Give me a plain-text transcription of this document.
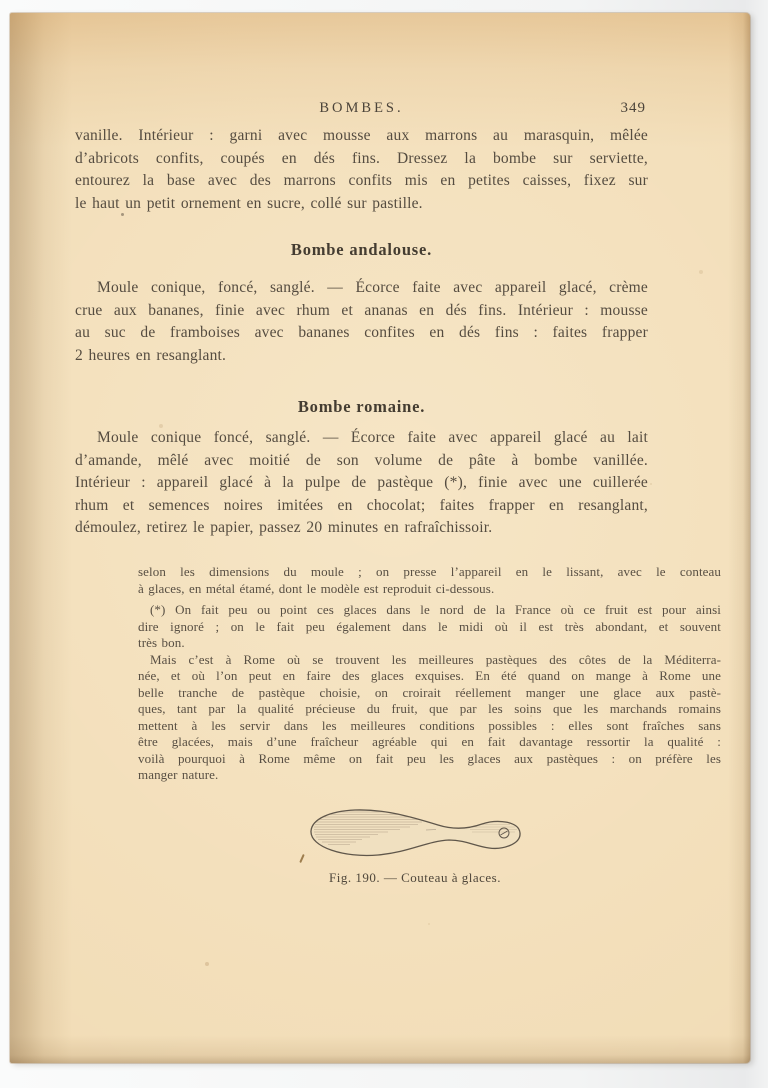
BOMBES.	349
vanille. Intérieur : garni avec mousse aux marrons au marasquin, mêlée
d’abricots confits, coupés en dés fins. Dressez la bombe sur serviette,
entourez la base avec des marrons confits mis en petites caisses, fixez sur
le haut un petit ornement en sucre, collé sur pastille.
Bombe andalouse.
Moule conique, foncé, sanglé. — Écorce faite avec appareil glacé, crème
crue aux bananes, finie avec rhum et ananas en dés fins. Intérieur : mousse
au suc de framboises avec bananes confites en dés fins : faites frapper
2 heures en resanglant.
Bombe romaine.
Moule conique foncé, sanglé. — Écorce faite avec appareil glacé au lait
d’amande, mêlé avec moitié de son volume de pâte à bombe vanillée.
Intérieur : appareil glacé à la pulpe de pastèque (*), finie avec une cuillerée
rhum et semences noires imitées en chocolat; faites frapper en resanglant,
démoulez, retirez le papier, passez 20 minutes en rafraîchissoir.
selon les dimensions du moule ; on presse l’appareil en le lissant, avec le conteau
à glaces, en métal étamé, dont le modèle est reproduit ci-dessous.
(*) On fait peu ou point ces glaces dans le nord de la France où ce fruit est pour ainsi
dire ignoré ; on le fait peu également dans le midi où il est très abondant, et souvent
très bon.
Mais c’est à Rome où se trouvent les meilleures pastèques des côtes de la Méditerra-
née, et où l’on peut en faire des glaces exquises. En été quand on mange à Rome une
belle tranche de pastèque choisie, on croirait réellement manger une glace aux pastè-
ques, tant par la qualité précieuse du fruit, que par les soins que les marchands romains
mettent à les servir dans les meilleures conditions possibles : elles sont fraîches sans
être glacées, mais d’une fraîcheur agréable qui en fait davantage ressortir la qualité :
voilà pourquoi à Rome même on fait peu les glaces aux pastèques : on préfère les
manger nature.
Fig. 190. — Couteau à glaces.
